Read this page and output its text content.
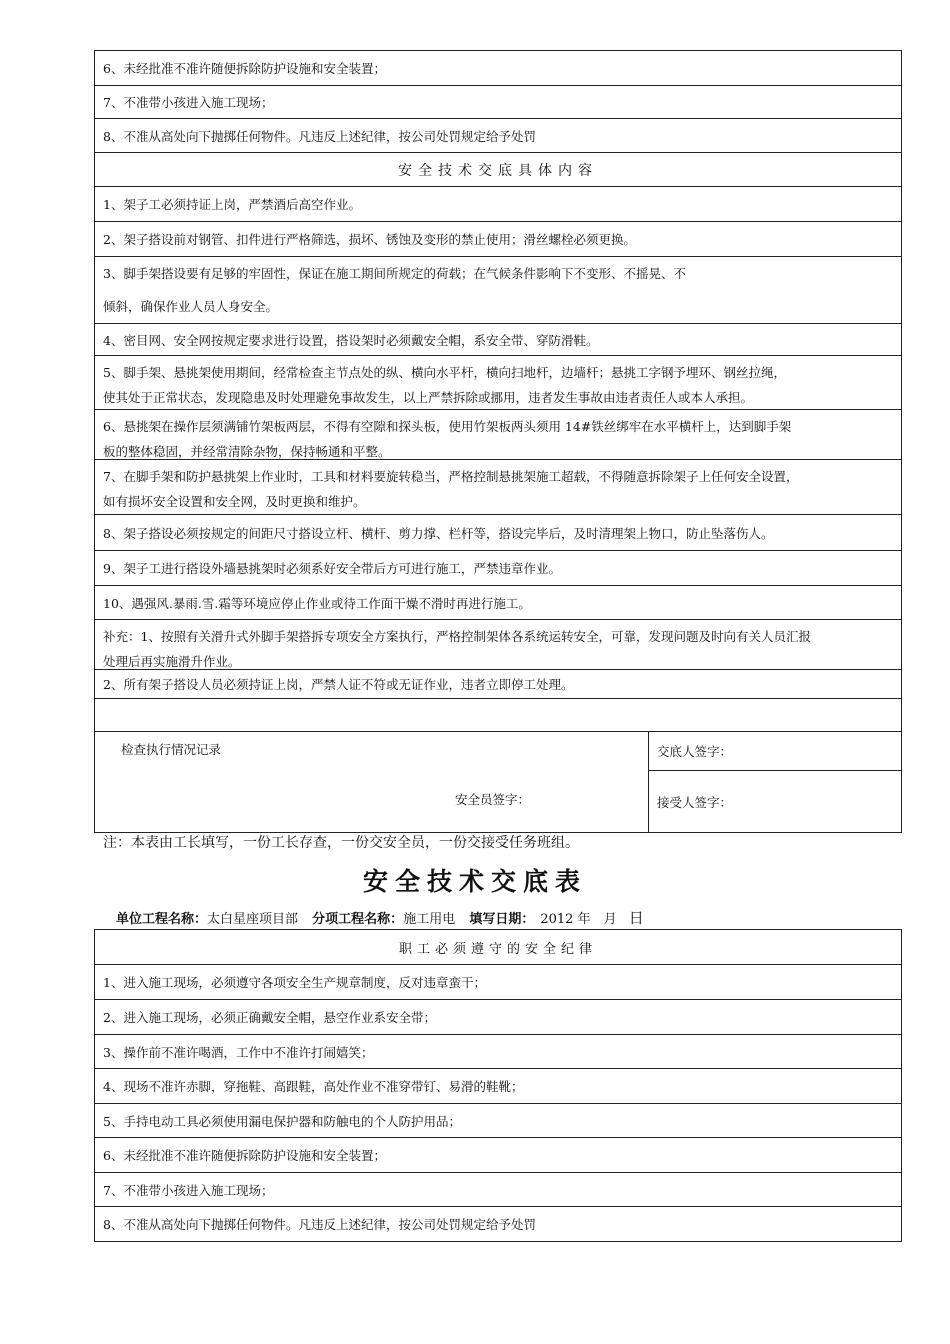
6、未经批准不准许随便拆除防护设施和安全装置；
7、不准带小孩进入施工现场；
8、不准从高处向下抛掷任何物件。凡违反上述纪律，按公司处罚规定给予处罚
安全技术交底具体内容
1、架子工必须持证上岗，严禁酒后高空作业。
2、架子搭设前对钢管、扣件进行严格筛选，损坏、锈蚀及变形的禁止使用；滑丝螺栓必须更换。
3、脚手架搭设要有足够的牢固性，保证在施工期间所规定的荷载；在气候条件影响下不变形、不摇晃、不
倾斜，确保作业人员人身安全。
4、密目网、安全网按规定要求进行设置，搭设架时必须戴安全帽，系安全带、穿防滑鞋。
5、脚手架、悬挑架使用期间，经常检查主节点处的纵、横向水平杆，横向扫地杆，边墙杆；悬挑工字钢予埋环、钢丝拉绳，
使其处于正常状态，发现隐患及时处理避免事故发生，以上严禁拆除或挪用，违者发生事故由违者责任人或本人承担。
6、悬挑架在操作层须满铺竹架板两层，不得有空隙和探头板，使用竹架板两头须用 14#铁丝绑牢在水平横杆上，达到脚手架
板的整体稳固，并经常清除杂物，保持畅通和平整。
7、在脚手架和防护悬挑架上作业时，工具和材料要旋转稳当，严格控制悬挑架施工超载，不得随意拆除架子上任何安全设置，
如有损坏安全设置和安全网，及时更换和维护。
8、架子搭设必须按规定的间距尺寸搭设立杆、横杆、剪力撑、栏杆等，搭设完毕后，及时清理架上物口，防止坠落伤人。
9、架子工进行搭设外墙悬挑架时必须系好安全带后方可进行施工，严禁违章作业。
10、遇强风.暴雨.雪.霜等环境应停止作业或待工作面干燥不滑时再进行施工。
补充：1、按照有关滑升式外脚手架搭拆专项安全方案执行，严格控制架体各系统运转安全，可靠，发现问题及时向有关人员汇报
处理后再实施滑升作业。
2、所有架子搭设人员必须持证上岗，严禁人证不符或无证作业，违者立即停工处理。
检查执行情况记录
安全员签字：
交底人签字：
接受人签字：
注：本表由工长填写，一份工长存查，一份交安全员，一份交接受任务班组。
安全技术交底表
单位工程名称：太白星座项目部 分项工程名称：施工用电 填写日期： 2012 年　月 日
职工必须遵守的安全纪律
1、进入施工现场，必须遵守各项安全生产规章制度，反对违章蛮干；
2、进入施工现场，必须正确戴安全帽，悬空作业系安全带；
3、操作前不准许喝酒，工作中不准许打闹嬉笑；
4、现场不准许赤脚，穿拖鞋、高跟鞋，高处作业不准穿带钉、易滑的鞋靴；
5、手持电动工具必须使用漏电保护器和防触电的个人防护用品；
6、未经批准不准许随便拆除防护设施和安全装置；
7、不准带小孩进入施工现场；
8、不准从高处向下抛掷任何物件。凡违反上述纪律，按公司处罚规定给予处罚
